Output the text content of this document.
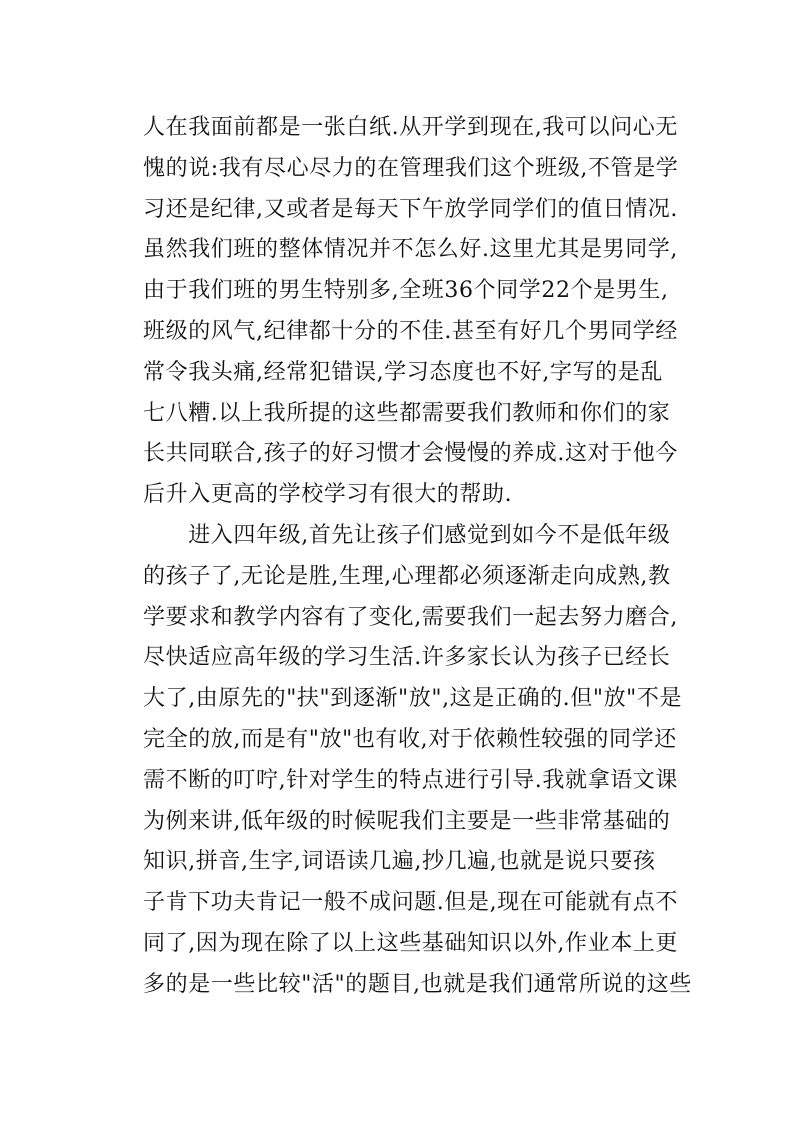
人在我面前都是一张白纸.从开学到现在,我可以问心无
愧的说:我有尽心尽力的在管理我们这个班级,不管是学
习还是纪律,又或者是每天下午放学同学们的值日情况.
虽然我们班的整体情况并不怎么好.这里尤其是男同学,
由于我们班的男生特别多,全班36个同学22个是男生,
班级的风气,纪律都十分的不佳.甚至有好几个男同学经
常令我头痛,经常犯错误,学习态度也不好,字写的是乱
七八糟.以上我所提的这些都需要我们教师和你们的家
长共同联合,孩子的好习惯才会慢慢的养成.这对于他今
后升入更高的学校学习有很大的帮助.
　　进入四年级,首先让孩子们感觉到如今不是低年级
的孩子了,无论是胜,生理,心理都必须逐渐走向成熟,教
学要求和教学内容有了变化,需要我们一起去努力磨合,
尽快适应高年级的学习生活.许多家长认为孩子已经长
大了,由原先的"扶"到逐渐"放",这是正确的.但"放"不是
完全的放,而是有"放"也有收,对于依赖性较强的同学还
需不断的叮咛,针对学生的特点进行引导.我就拿语文课
为例来讲,低年级的时候呢我们主要是一些非常基础的
知识,拼音,生字,词语读几遍,抄几遍,也就是说只要孩
子肯下功夫肯记一般不成问题.但是,现在可能就有点不
同了,因为现在除了以上这些基础知识以外,作业本上更
多的是一些比较"活"的题目,也就是我们通常所说的这些
